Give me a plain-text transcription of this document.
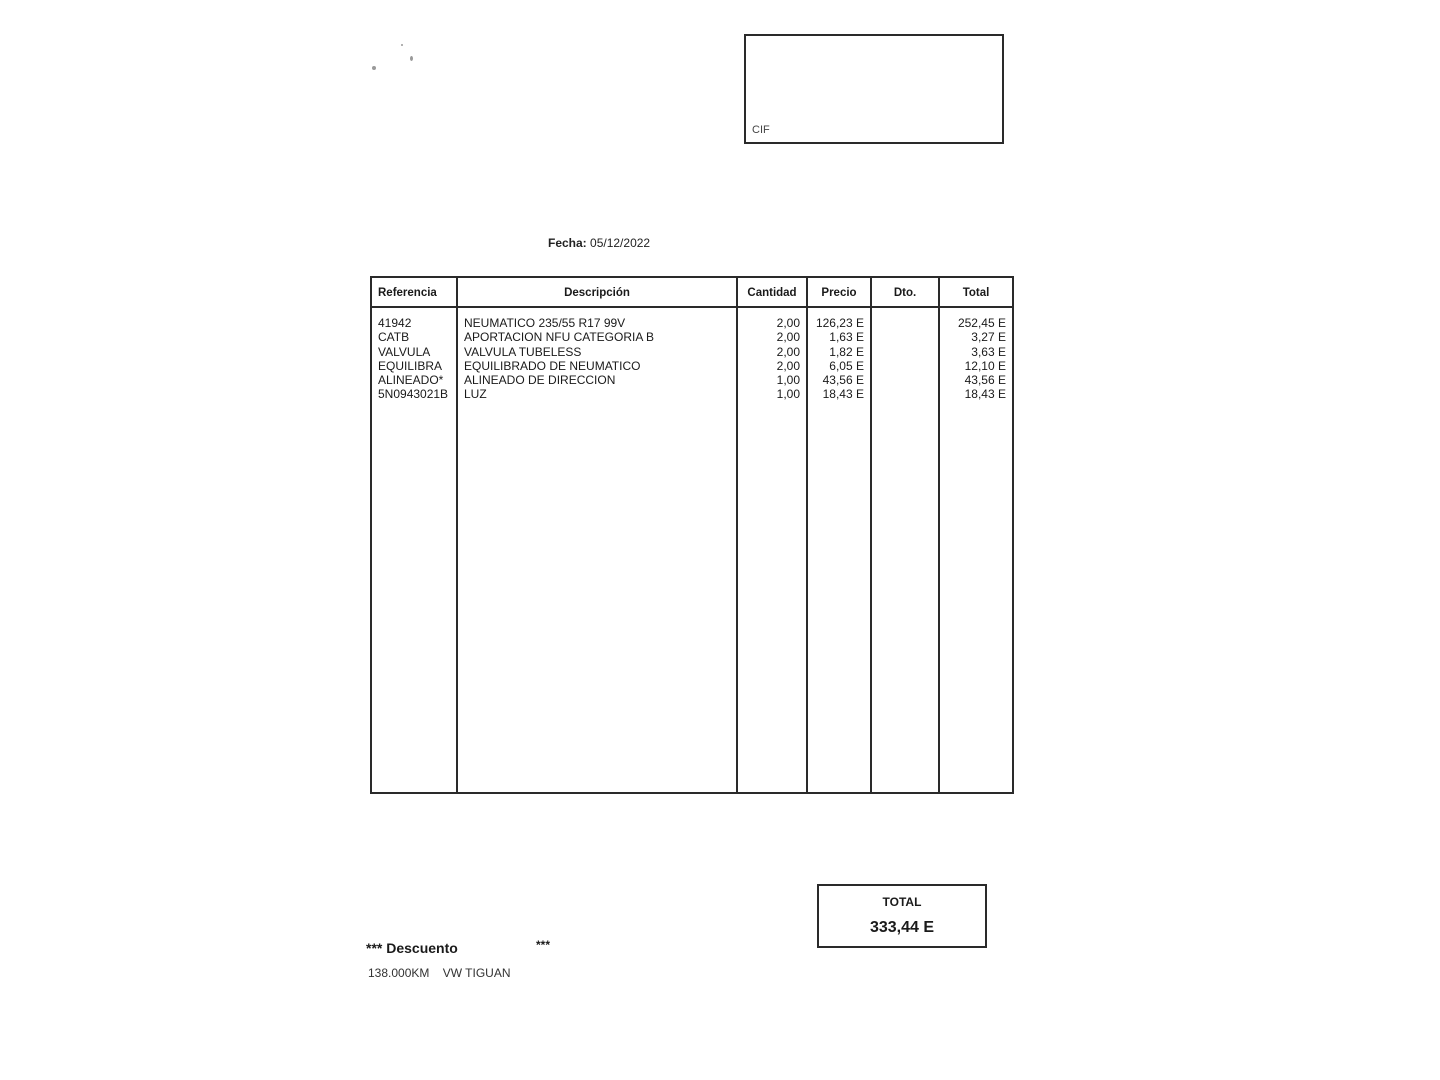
CIF
Fecha: 05/12/2022
Referencia
41942
CATB
VALVULA
EQUILIBRA
ALINEADO*
5N0943021B
Descripción
NEUMATICO 235/55 R17 99V
APORTACION NFU CATEGORIA B
VALVULA TUBELESS
EQUILIBRADO DE NEUMATICO
ALINEADO DE DIRECCION
LUZ
Cantidad
2,00
2,00
2,00
2,00
1,00
1,00
Precio
126,23 E
1,63 E
1,82 E
6,05 E
43,56 E
18,43 E
Dto.	Total
252,45 E
3,27 E
3,63 E
12,10 E
43,56 E
18,43 E
TOTAL
333,44 E
*** Descuento	***
138.000KM VW TIGUAN
